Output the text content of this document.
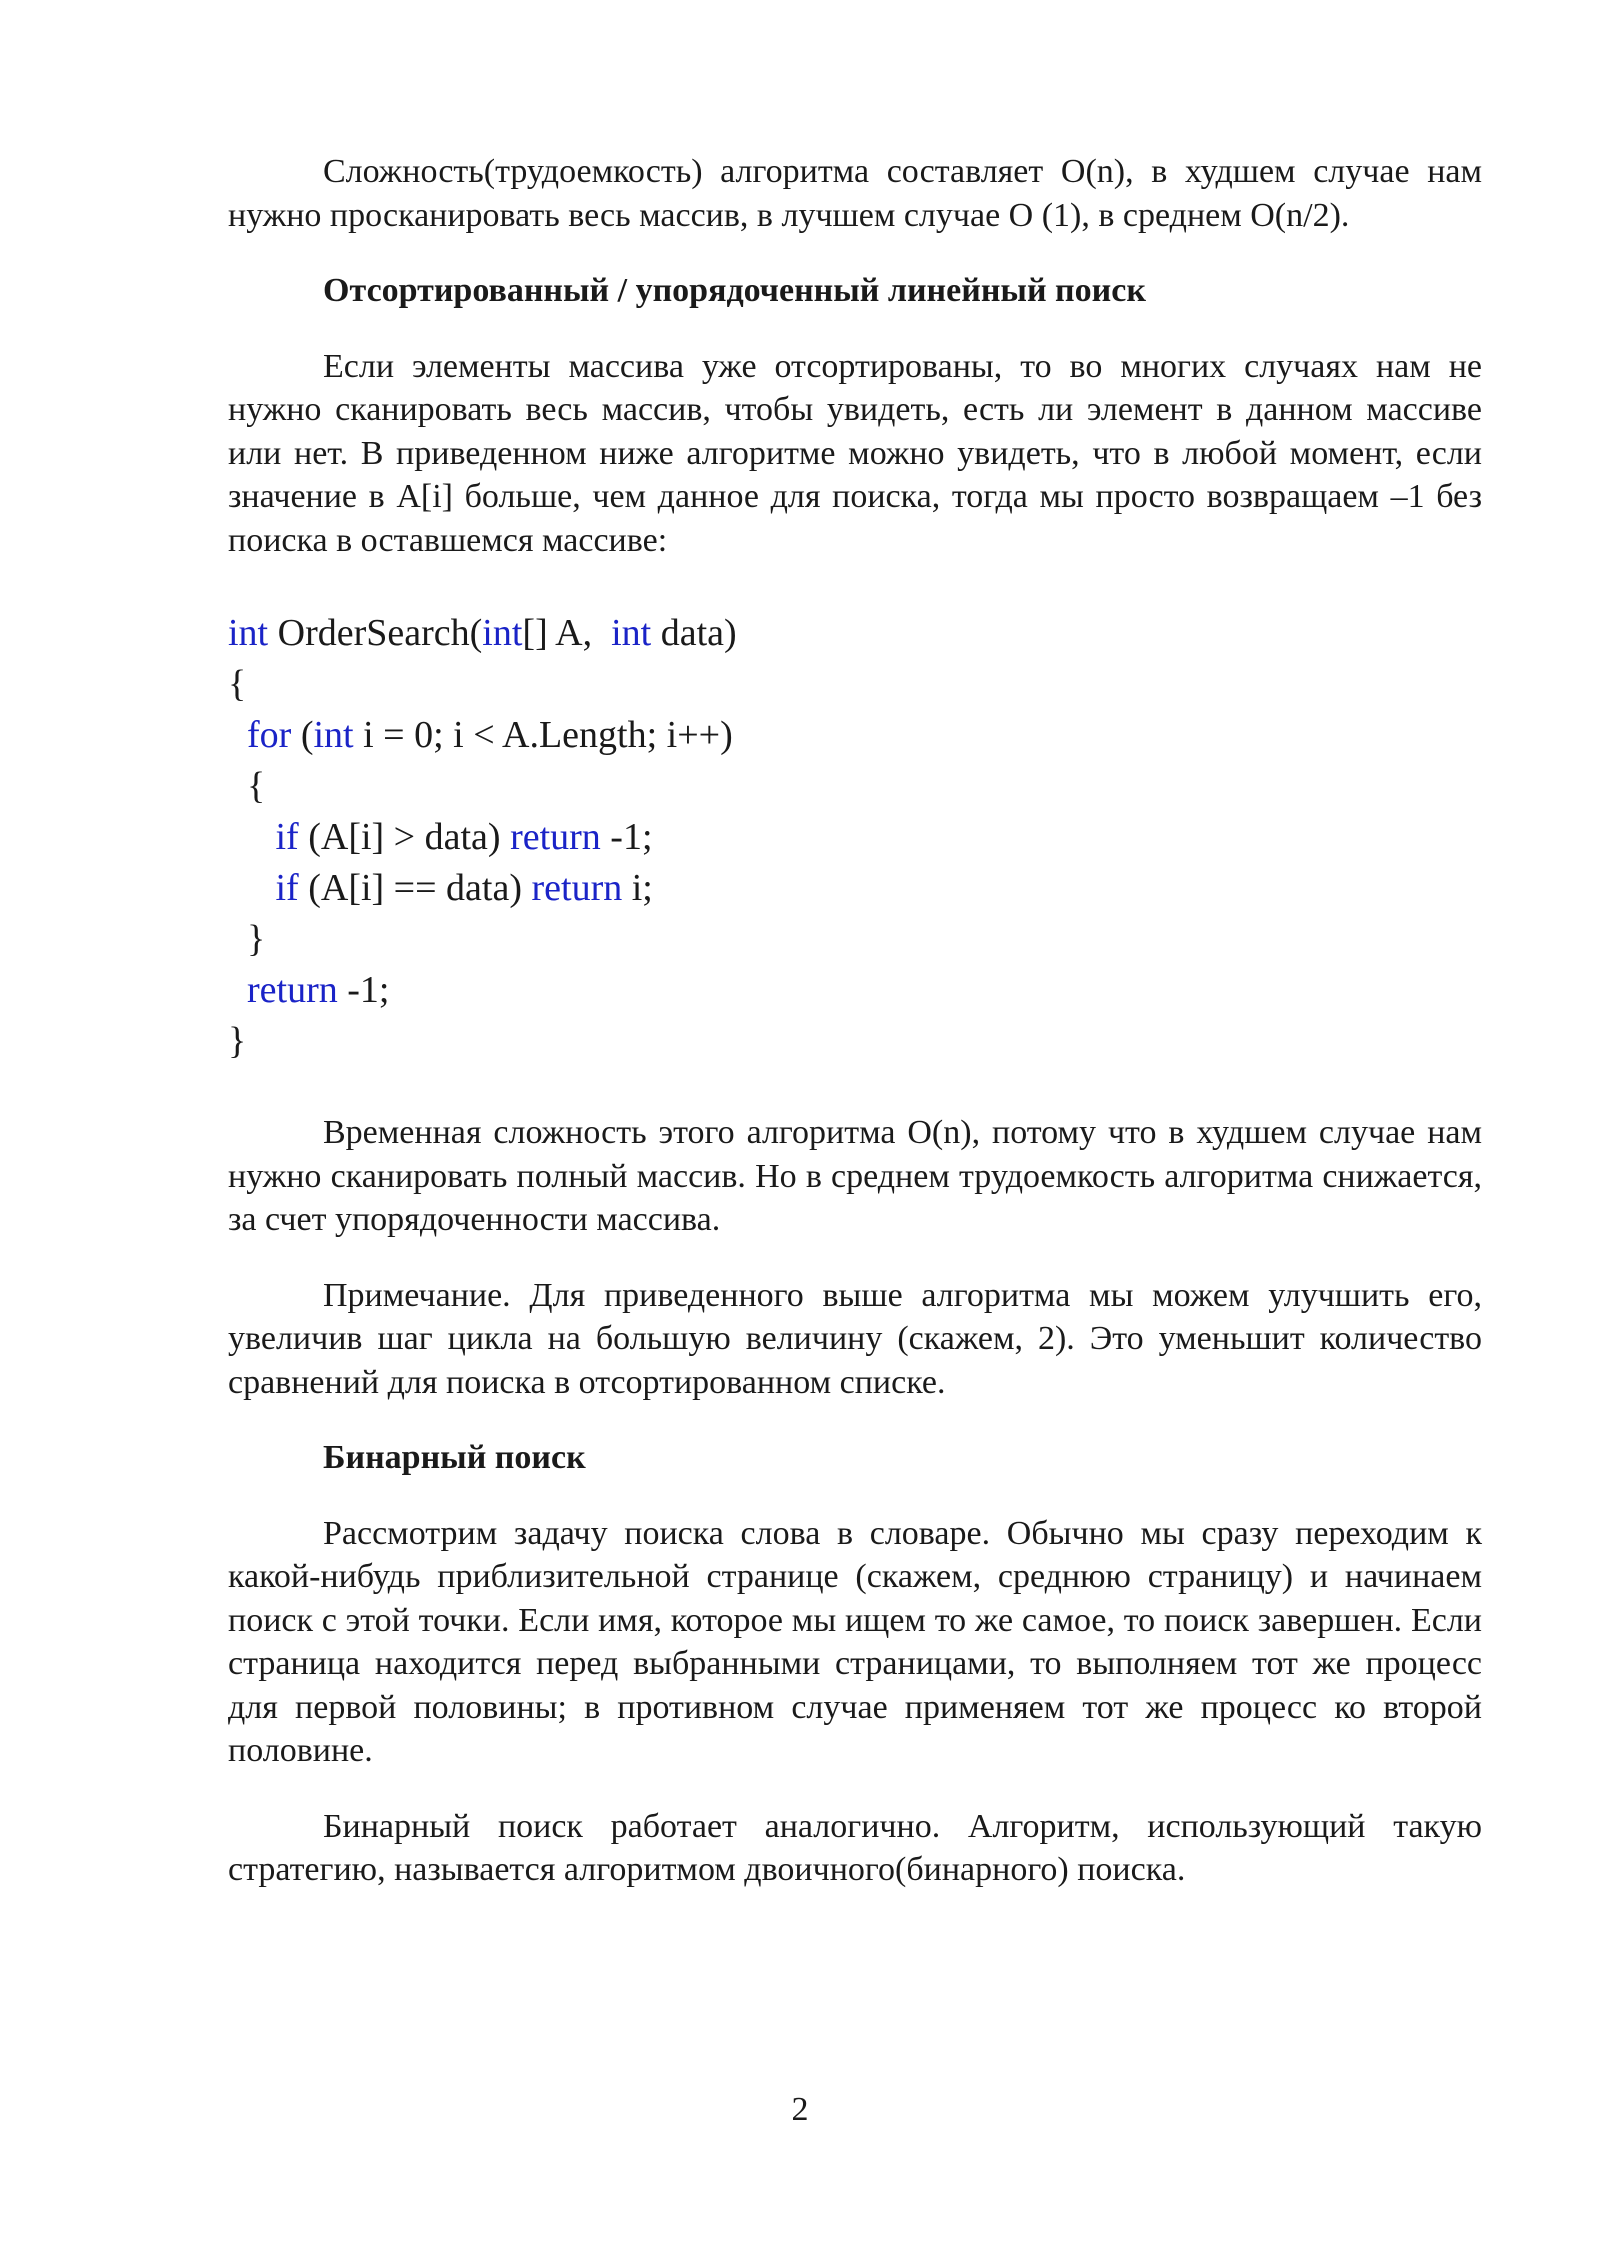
Сложность(трудоемкость) алгоритма составляет O(n), в худшем случае нам нужно просканировать весь массив, в лучшем случае O (1), в среднем O(n/2).

Отсортированный / упорядоченный линейный поиск

Если элементы массива уже отсортированы, то во многих случаях нам не нужно сканировать весь массив, чтобы увидеть, есть ли элемент в данном массиве или нет. В приведенном ниже алгоритме можно увидеть, что в любой момент, если значение в A[i] больше, чем данное для поиска, тогда мы просто возвращаем –1 без поиска в оставшемся массиве:

int OrderSearch(int[] A,  int data)
{
for (int i = 0; i < A.Length; i++)
{
if (A[i] > data) return -1;
if (A[i] == data) return i;
}
return -1;
}

Временная сложность этого алгоритма O(n), потому что в худшем случае нам нужно сканировать полный массив. Но в среднем трудоемкость алгоритма снижается, за счет упорядоченности массива.

Примечание. Для приведенного выше алгоритма мы можем улучшить его, увеличив шаг цикла на большую величину (скажем, 2). Это уменьшит количество сравнений для поиска в отсортированном списке.

Бинарный поиск

Рассмотрим задачу поиска слова в словаре. Обычно мы сразу переходим к какой-нибудь приблизительной странице (скажем, среднюю страницу) и начинаем поиск с этой точки. Если имя, которое мы ищем то же самое, то поиск завершен. Если страница находится перед выбранными страницами, то выполняем тот же процесс для первой половины; в противном случае применяем тот же процесс ко второй половине.

Бинарный поиск работает аналогично. Алгоритм, использующий такую стратегию, называется алгоритмом двоичного(бинарного) поиска.

2
